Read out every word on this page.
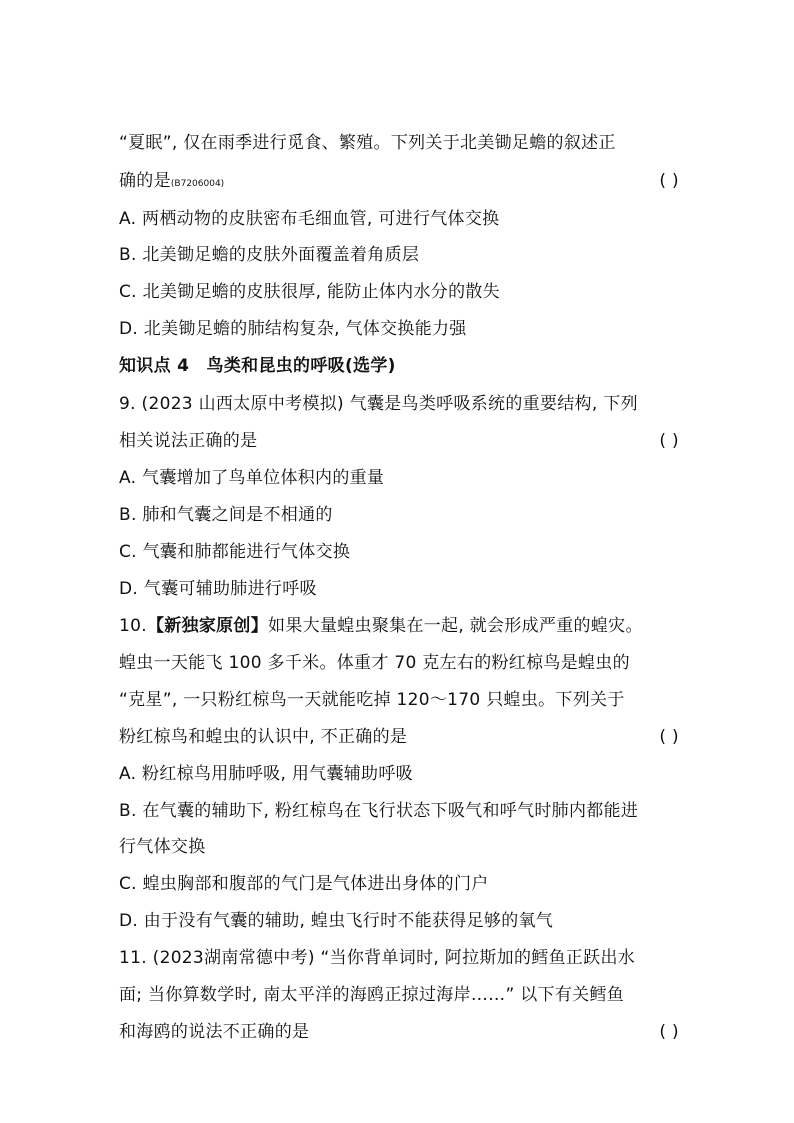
“夏眠”, 仅在雨季进行觅食、繁殖。下列关于北美锄足蟾的叙述正
确的是(B7206004)	( )
A. 两栖动物的皮肤密布毛细血管, 可进行气体交换
B. 北美锄足蟾的皮肤外面覆盖着角质层
C. 北美锄足蟾的皮肤很厚, 能防止体内水分的散失
D. 北美锄足蟾的肺结构复杂, 气体交换能力强
知识点 4　鸟类和昆虫的呼吸(选学)
9. (2023 山西太原中考模拟) 气囊是鸟类呼吸系统的重要结构, 下列
相关说法正确的是	( )
A. 气囊增加了鸟单位体积内的重量
B. 肺和气囊之间是不相通的
C. 气囊和肺都能进行气体交换
D. 气囊可辅助肺进行呼吸
10.【新独家原创】如果大量蝗虫聚集在一起, 就会形成严重的蝗灾。
蝗虫一天能飞 100 多千米。体重才 70 克左右的粉红椋鸟是蝗虫的
“克星”, 一只粉红椋鸟一天就能吃掉 120～170 只蝗虫。下列关于
粉红椋鸟和蝗虫的认识中, 不正确的是	( )
A. 粉红椋鸟用肺呼吸, 用气囊辅助呼吸
B. 在气囊的辅助下, 粉红椋鸟在飞行状态下吸气和呼气时肺内都能进
行气体交换
C. 蝗虫胸部和腹部的气门是气体进出身体的门户
D. 由于没有气囊的辅助, 蝗虫飞行时不能获得足够的氧气
11. (2023湖南常德中考) “当你背单词时, 阿拉斯加的鳕鱼正跃出水
面; 当你算数学时, 南太平洋的海鸥正掠过海岸……” 以下有关鳕鱼
和海鸥的说法不正确的是	( )
